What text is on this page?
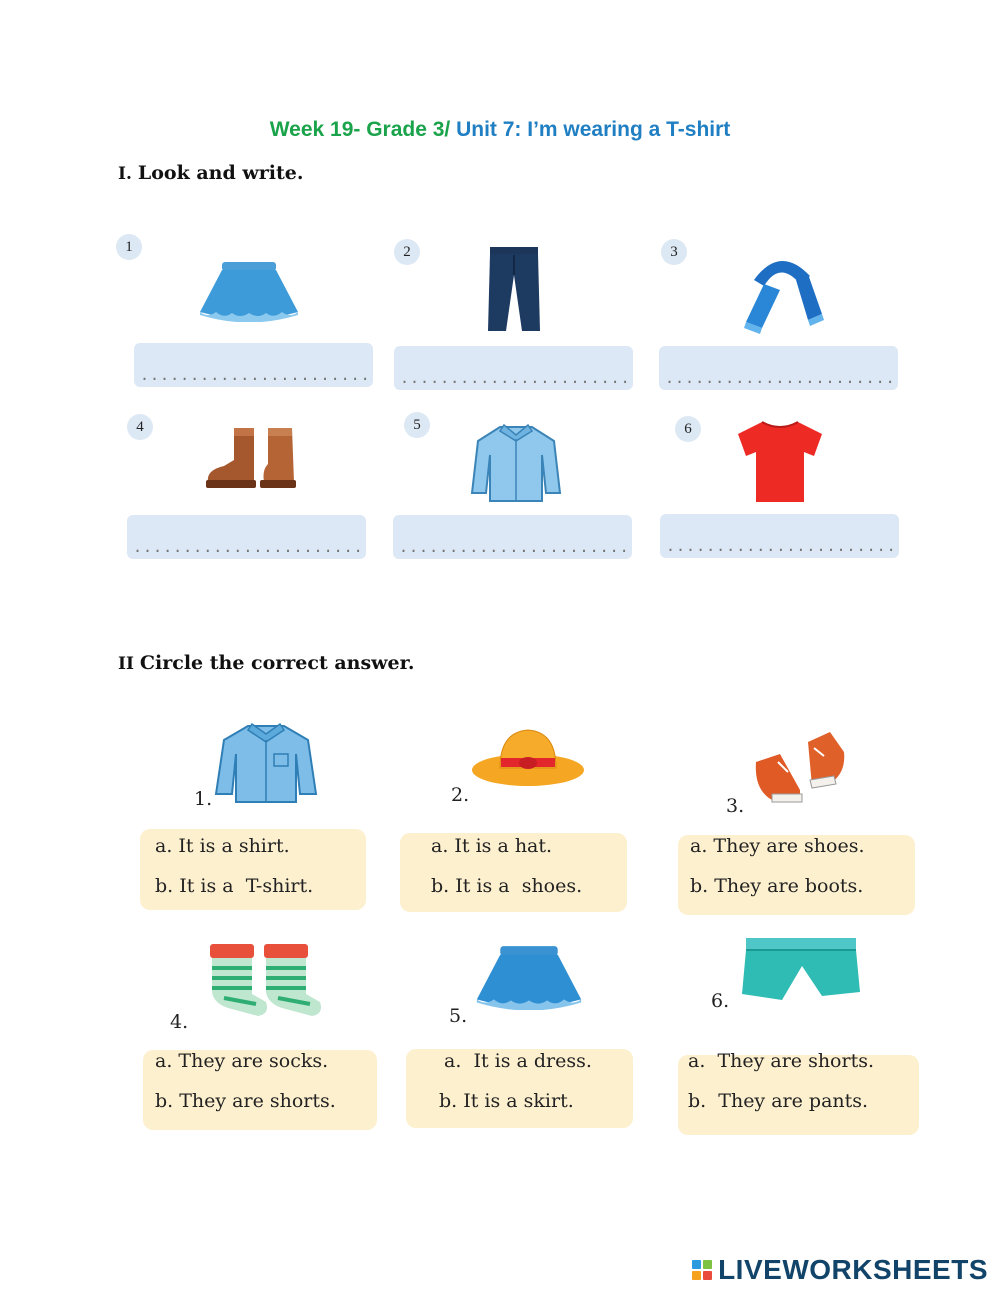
Week 19- Grade 3/ Unit 7: I’m wearing a T-shirt
I. Look and write.
1	2	3
4	5	6
...............................
...............................
...............................
...............................
...............................
...............................
II Circle the correct answer.
1.
a. It is a shirt.
b. It is a  T-shirt.
2.
a. It is a hat.
b. It is a  shoes.
3.
a. They are shoes.
b. They are boots.
4.
a. They are socks.
b. They are shorts.
5.
a.  It is a dress.
b. It is a skirt.
6.
a.  They are shorts.
b.  They are pants.
LIVEWORKSHEETS
